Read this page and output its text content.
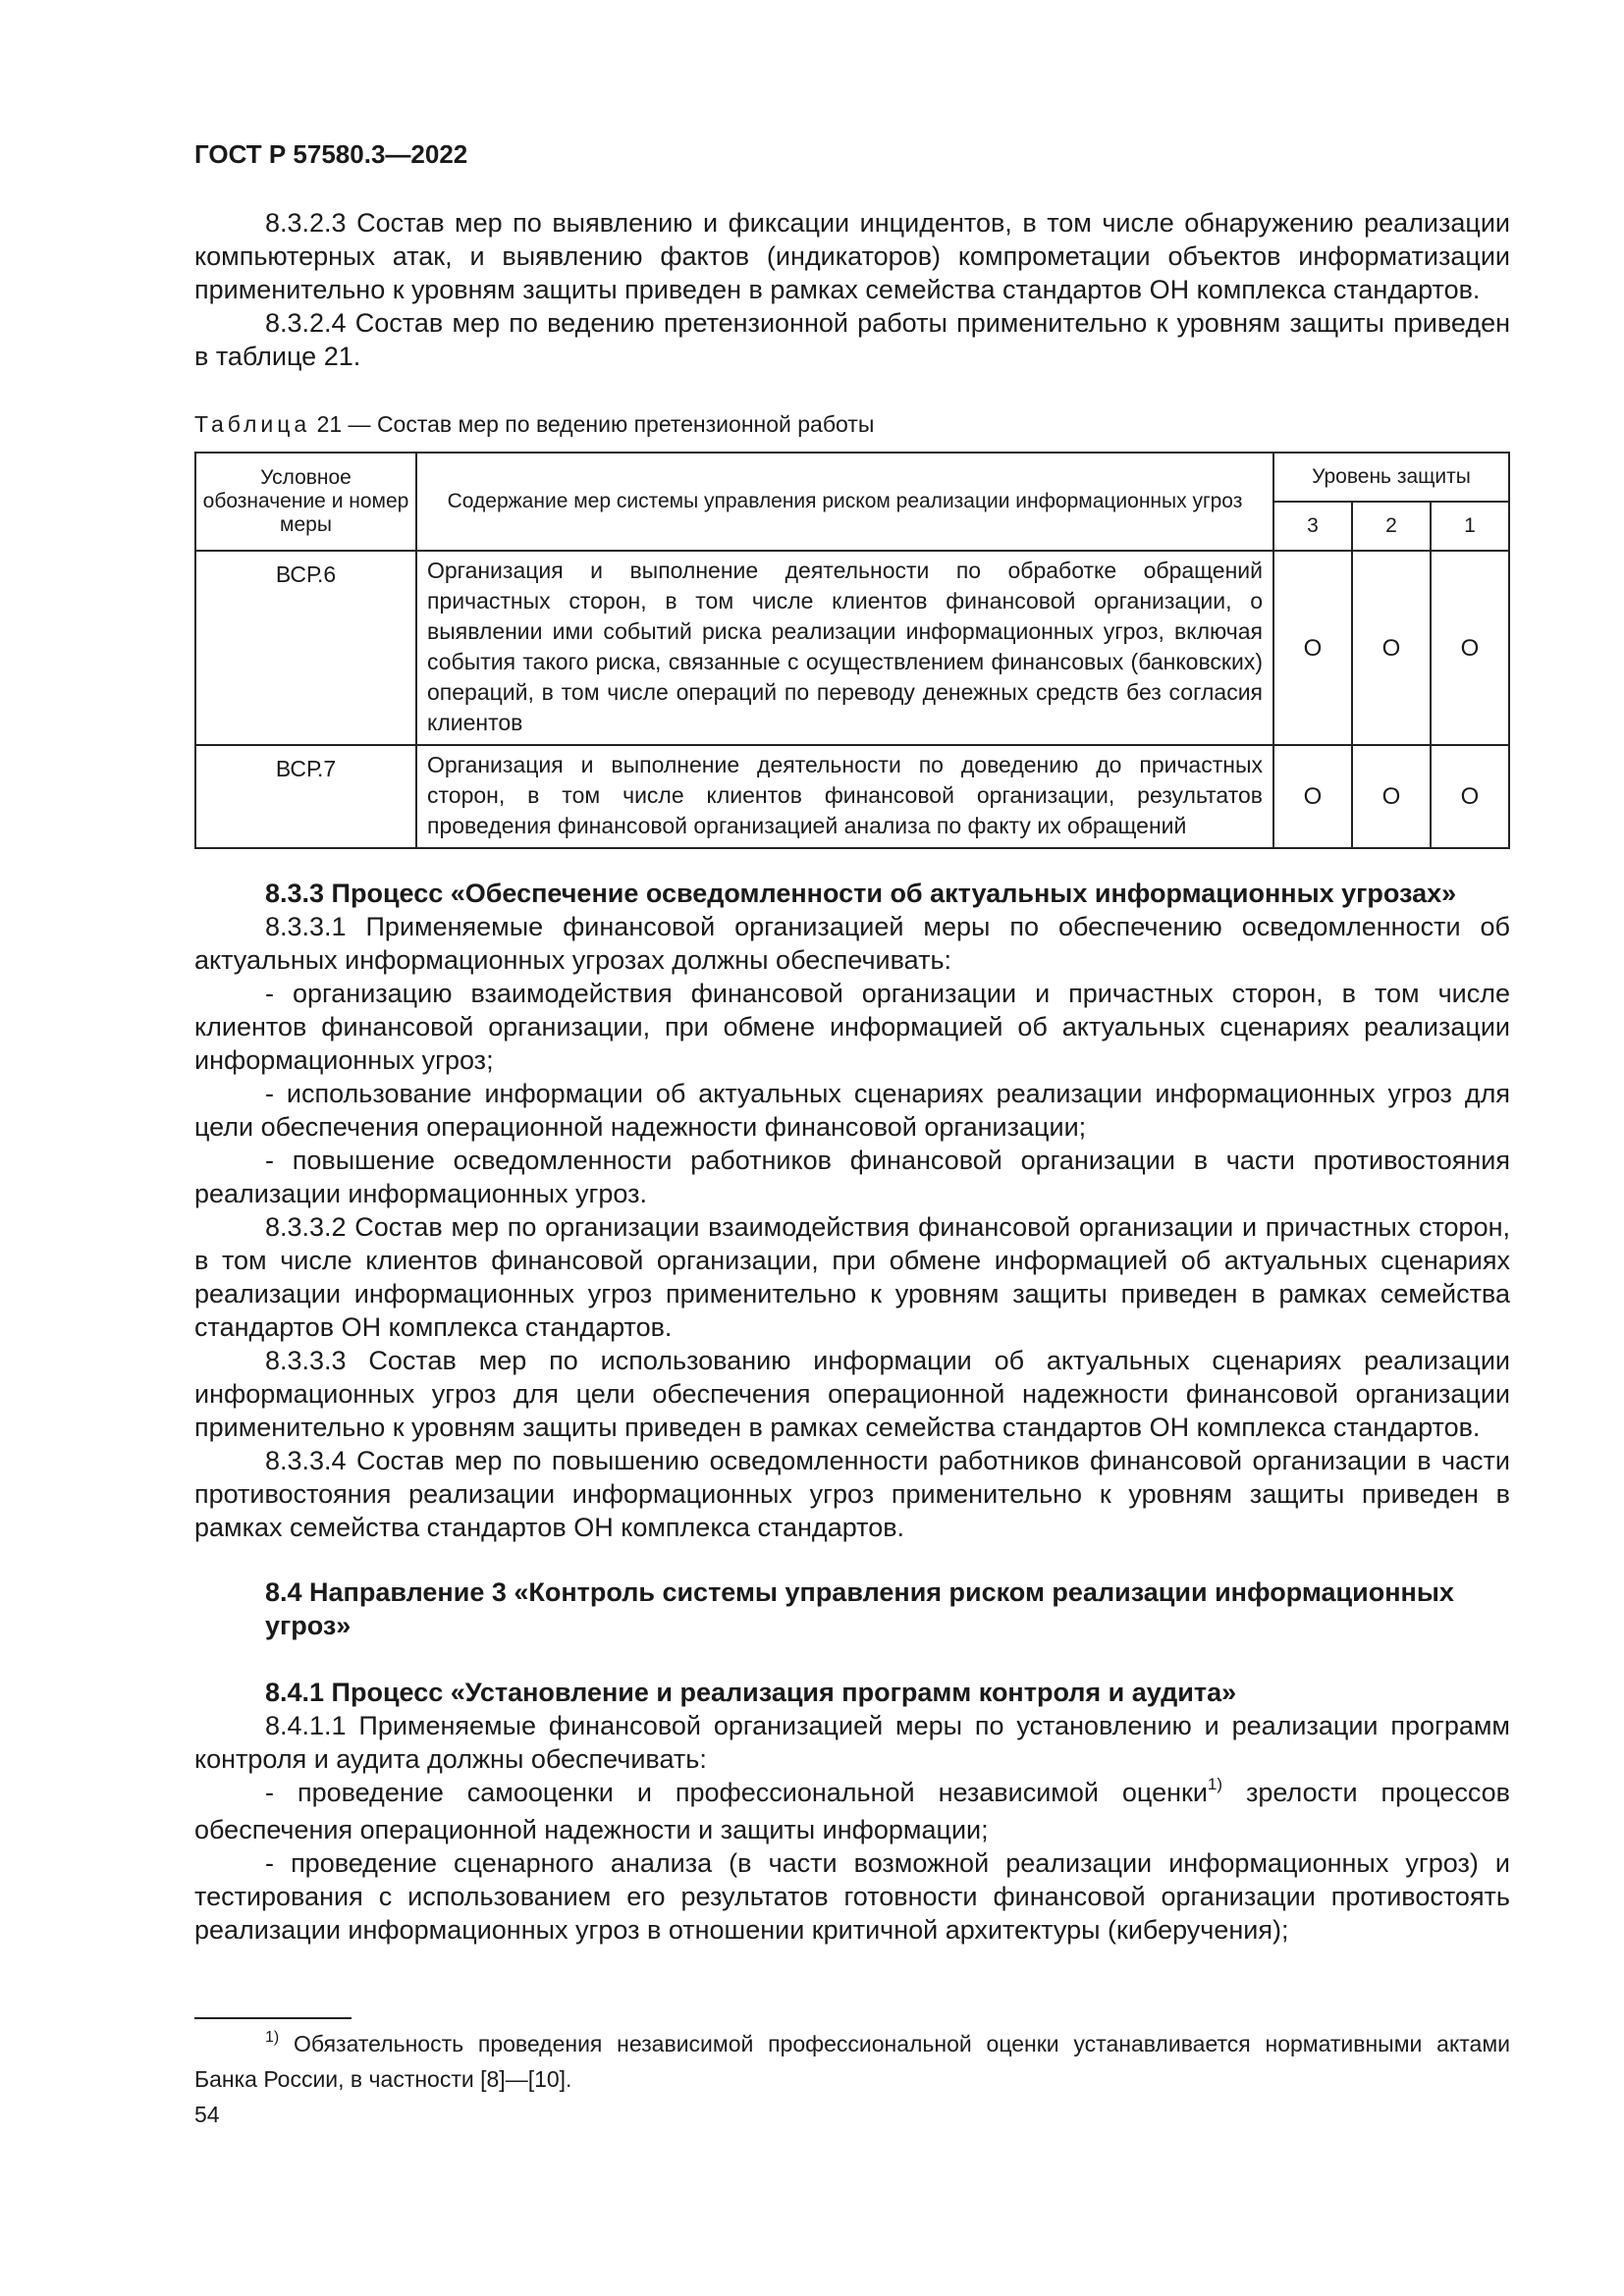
ГОСТ Р 57580.3—2022

8.3.2.3 Состав мер по выявлению и фиксации инцидентов, в том числе обнаружению реализации компьютерных атак, и выявлению фактов (индикаторов) компрометации объектов информатизации применительно к уровням защиты приведен в рамках семейства стандартов ОН комплекса стандартов.

8.3.2.4 Состав мер по ведению претензионной работы применительно к уровням защиты приведен в таблице 21.

Таблица 21 — Состав мер по ведению претензионной работы
Условное обозначение и номер меры	Содержание мер системы управления риском реализации информационных угроз	Уровень защиты		
		3	2	1
ВСР.6	Организация и выполнение деятельности по обработке обращений причастных сторон, в том числе клиентов финансовой организации, о выявлении ими событий риска реализации информационных угроз, включая события такого риска, связанные с осуществлением финансовых (банковских) операций, в том числе операций по переводу денежных средств без согласия клиентов	О	О	О
ВСР.7	Организация и выполнение деятельности по доведению до причастных сторон, в том числе клиентов финансовой организации, результатов проведения финансовой организацией анализа по факту их обращений	О	О	О

8.3.3 Процесс «Обеспечение осведомленности об актуальных информационных угрозах»

8.3.3.1 Применяемые финансовой организацией меры по обеспечению осведомленности об актуальных информационных угрозах должны обеспечивать:

- организацию взаимодействия финансовой организации и причастных сторон, в том числе клиентов финансовой организации, при обмене информацией об актуальных сценариях реализации информационных угроз;

- использование информации об актуальных сценариях реализации информационных угроз для цели обеспечения операционной надежности финансовой организации;

- повышение осведомленности работников финансовой организации в части противостояния реализации информационных угроз.

8.3.3.2 Состав мер по организации взаимодействия финансовой организации и причастных сторон, в том числе клиентов финансовой организации, при обмене информацией об актуальных сценариях реализации информационных угроз применительно к уровням защиты приведен в рамках семейства стандартов ОН комплекса стандартов.

8.3.3.3 Состав мер по использованию информации об актуальных сценариях реализации информационных угроз для цели обеспечения операционной надежности финансовой организации применительно к уровням защиты приведен в рамках семейства стандартов ОН комплекса стандартов.

8.3.3.4 Состав мер по повышению осведомленности работников финансовой организации в части противостояния реализации информационных угроз применительно к уровням защиты приведен в рамках семейства стандартов ОН комплекса стандартов.

8.4 Направление 3 «Контроль системы управления риском реализации информационных угроз»

8.4.1 Процесс «Установление и реализация программ контроля и аудита»

8.4.1.1 Применяемые финансовой организацией меры по установлению и реализации программ контроля и аудита должны обеспечивать:

- проведение самооценки и профессиональной независимой оценки$^{1)}$ зрелости процессов обеспечения операционной надежности и защиты информации;

- проведение сценарного анализа (в части возможной реализации информационных угроз) и тестирования с использованием его результатов готовности финансовой организации противостоять реализации информационных угроз в отношении критичной архитектуры (киберучения);

$^{1)}$ Обязательность проведения независимой профессиональной оценки устанавливается нормативными актами Банка России, в частности [8]—[10].
54
